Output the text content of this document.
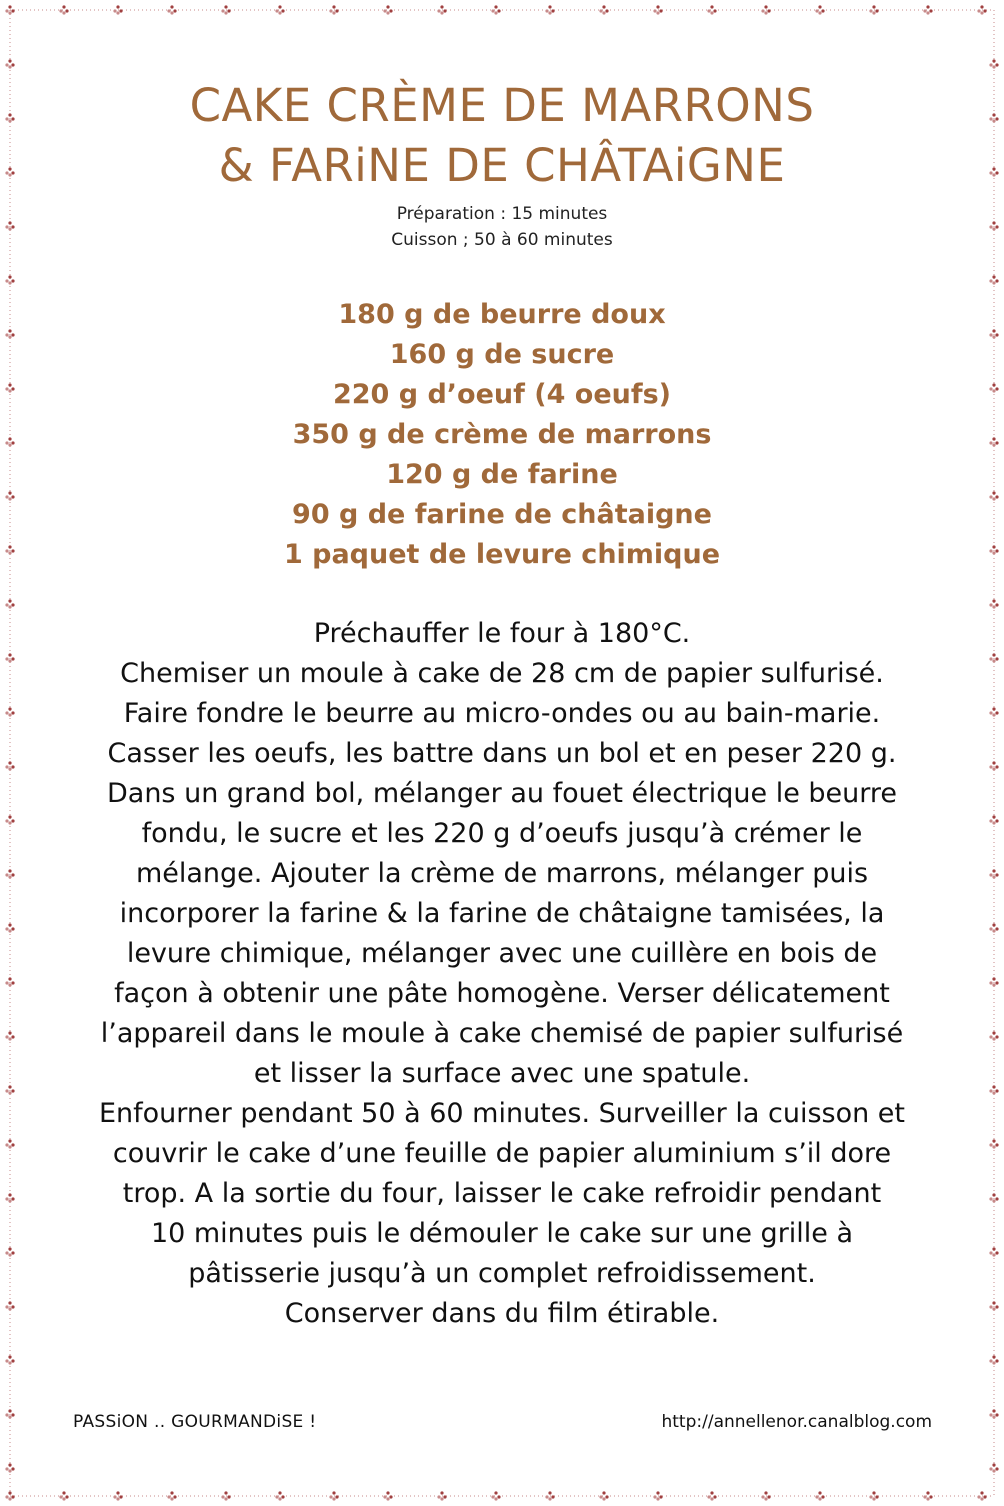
CAKE CRÈME DE MARRONS
& FARiNE DE CHÂTAiGNE
Préparation : 15 minutes
Cuisson ; 50 à 60 minutes
180 g de beurre doux
160 g de sucre
220 g d’oeuf (4 oeufs)
350 g de crème de marrons
120 g de farine
90 g de farine de châtaigne
1 paquet de levure chimique
Préchauffer le four à 180°C.
Chemiser un moule à cake de 28 cm de papier sulfurisé.
Faire fondre le beurre au micro-ondes ou au bain-marie.
Casser les oeufs, les battre dans un bol et en peser 220 g.
Dans un grand bol, mélanger au fouet électrique le beurre
fondu, le sucre et les 220 g d’oeufs jusqu’à crémer le
mélange. Ajouter la crème de marrons, mélanger puis
incorporer la farine & la farine de châtaigne tamisées, la
levure chimique, mélanger avec une cuillère en bois de
façon à obtenir une pâte homogène. Verser délicatement
l’appareil dans le moule à cake chemisé de papier sulfurisé
et lisser la surface avec une spatule.
Enfourner pendant 50 à 60 minutes. Surveiller la cuisson et
couvrir le cake d’une feuille de papier aluminium s’il dore
trop. A la sortie du four, laisser le cake refroidir pendant
10 minutes puis le démouler le cake sur une grille à
pâtisserie jusqu’à un complet refroidissement.
Conserver dans du film étirable.
PASSiON .. GOURMANDiSE !	http://annellenor.canalblog.com
